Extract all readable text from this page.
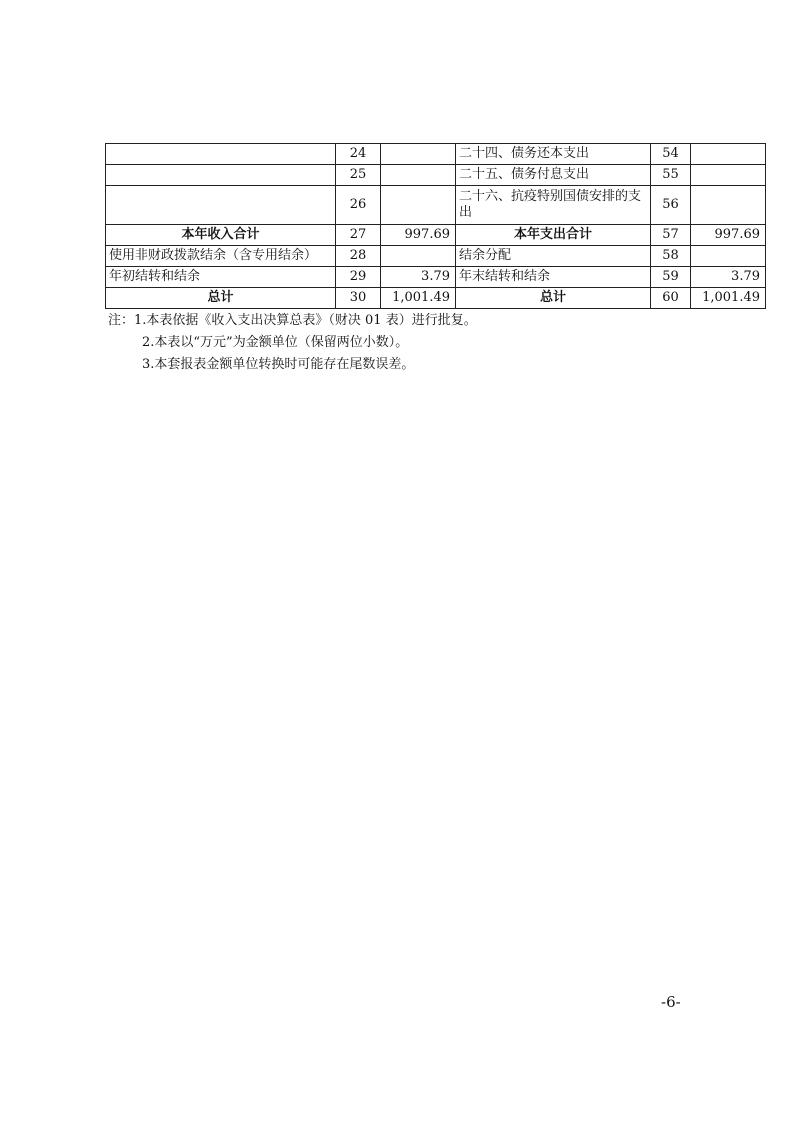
	24		二十四、债务还本支出	54	
	25		二十五、债务付息支出	55	
	26		二十六、抗疫特别国债安排的支出	56	
本年收入合计	27	997.69	本年支出合计	57	997.69
使用非财政拨款结余（含专用结余）	28		结余分配	58	
年初结转和结余	29	3.79	年末结转和结余	59	3.79
总计	30	1,001.49	总计	60	1,001.49
注：1.本表依据《收入支出决算总表》（财决 01 表）进行批复。
2.本表以“万元”为金额单位（保留两位小数）。
3.本套报表金额单位转换时可能存在尾数误差。
-6-
